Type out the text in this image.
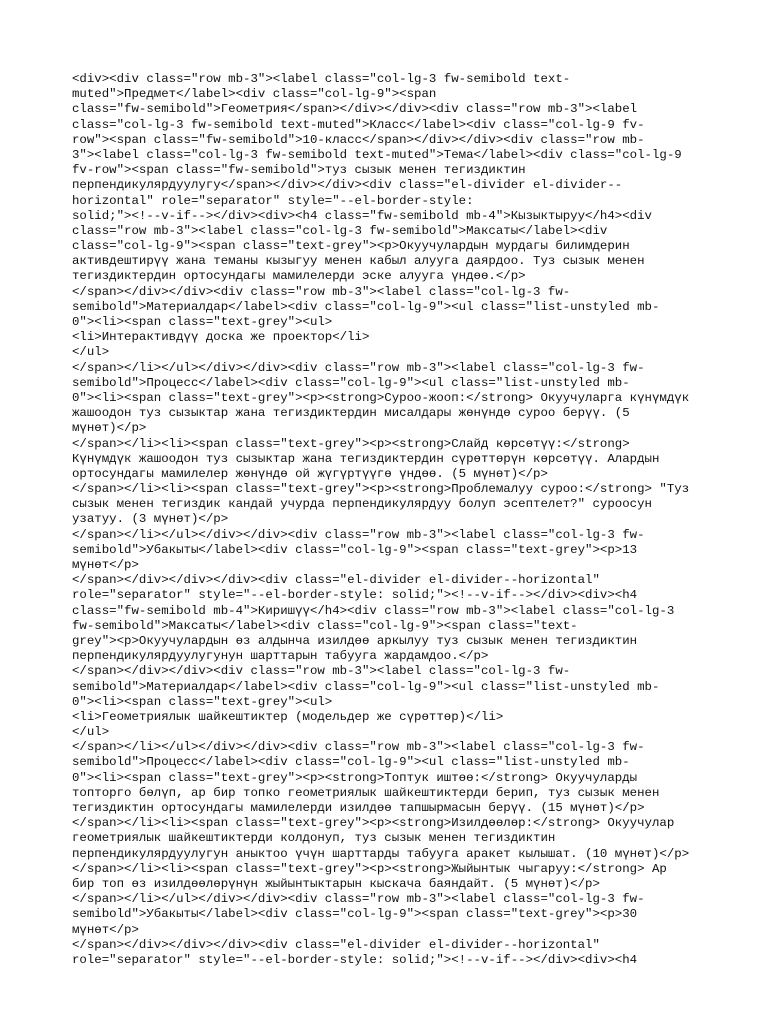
<div><div class="row mb-3"><label class="col-lg-3 fw-semibold text-

muted">Предмет</label><div class="col-lg-9"><span

class="fw-semibold">Геометрия</span></div></div><div class="row mb-3"><label

class="col-lg-3 fw-semibold text-muted">Класс</label><div class="col-lg-9 fv-

row"><span class="fw-semibold">10-класс</span></div></div><div class="row mb-

3"><label class="col-lg-3 fw-semibold text-muted">Тема</label><div class="col-lg-9

fv-row"><span class="fw-semibold">туз сызык менен тегиздиктин

перпендикулярдуулугу</span></div></div><div class="el-divider el-divider--

horizontal" role="separator" style="--el-border-style:

solid;"><!--v-if--></div><div><h4 class="fw-semibold mb-4">Кызыктыруу</h4><div

class="row mb-3"><label class="col-lg-3 fw-semibold">Максаты</label><div

class="col-lg-9"><span class="text-grey"><p>Окуучулардын мурдагы билимдерин

активдештирүү жана теманы кызыгуу менен кабыл алууга даярдоо. Туз сызык менен

тегиздиктердин ортосундагы мамилелерди эске алууга үндөө.</p>

</span></div></div><div class="row mb-3"><label class="col-lg-3 fw-

semibold">Материалдар</label><div class="col-lg-9"><ul class="list-unstyled mb-

0"><li><span class="text-grey"><ul>

<li>Интерактивдүү доска же проектор</li>

</ul>

</span></li></ul></div></div><div class="row mb-3"><label class="col-lg-3 fw-

semibold">Процесс</label><div class="col-lg-9"><ul class="list-unstyled mb-

0"><li><span class="text-grey"><p><strong>Суроо-жооп:</strong> Окуучуларга күнүмдүк

жашоодон туз сызыктар жана тегиздиктердин мисалдары жөнүндө суроо берүү. (5

мүнөт)</p>

</span></li><li><span class="text-grey"><p><strong>Слайд көрсөтүү:</strong>

Күнүмдүк жашоодон туз сызыктар жана тегиздиктердин сүрөттөрүн көрсөтүү. Алардын

ортосундагы мамилелер жөнүндө ой жүгүртүүгө үндөө. (5 мүнөт)</p>

</span></li><li><span class="text-grey"><p><strong>Проблемалуу суроо:</strong> "Туз

сызык менен тегиздик кандай учурда перпендикулярдуу болуп эсептелет?" суроосун

узатуу. (3 мүнөт)</p>

</span></li></ul></div></div><div class="row mb-3"><label class="col-lg-3 fw-

semibold">Убакыты</label><div class="col-lg-9"><span class="text-grey"><p>13

мүнөт</p>

</span></div></div></div><div class="el-divider el-divider--horizontal"

role="separator" style="--el-border-style: solid;"><!--v-if--></div><div><h4

class="fw-semibold mb-4">Киришүү</h4><div class="row mb-3"><label class="col-lg-3

fw-semibold">Максаты</label><div class="col-lg-9"><span class="text-

grey"><p>Окуучулардын өз алдынча изилдөө аркылуу туз сызык менен тегиздиктин

перпендикулярдуулугунун шарттарын табууга жардамдоо.</p>

</span></div></div><div class="row mb-3"><label class="col-lg-3 fw-

semibold">Материалдар</label><div class="col-lg-9"><ul class="list-unstyled mb-

0"><li><span class="text-grey"><ul>

<li>Геометриялык шайкештиктер (модельдер же сүрөттөр)</li>

</ul>

</span></li></ul></div></div><div class="row mb-3"><label class="col-lg-3 fw-

semibold">Процесс</label><div class="col-lg-9"><ul class="list-unstyled mb-

0"><li><span class="text-grey"><p><strong>Топтук иштөө:</strong> Окуучуларды

топторго бөлүп, ар бир топко геометриялык шайкештиктерди берип, туз сызык менен

тегиздиктин ортосундагы мамилелерди изилдөө тапшырмасын берүү. (15 мүнөт)</p>

</span></li><li><span class="text-grey"><p><strong>Изилдөөлөр:</strong> Окуучулар

геометриялык шайкештиктерди колдонуп, туз сызык менен тегиздиктин

перпендикулярдуулугун аныктоо үчүн шарттарды табууга аракет кылышат. (10 мүнөт)</p>

</span></li><li><span class="text-grey"><p><strong>Жыйынтык чыгаруу:</strong> Ар

бир топ өз изилдөөлөрүнүн жыйынтыктарын кыскача баяндайт. (5 мүнөт)</p>

</span></li></ul></div></div><div class="row mb-3"><label class="col-lg-3 fw-

semibold">Убакыты</label><div class="col-lg-9"><span class="text-grey"><p>30

мүнөт</p>

</span></div></div></div><div class="el-divider el-divider--horizontal"

role="separator" style="--el-border-style: solid;"><!--v-if--></div><div><h4
